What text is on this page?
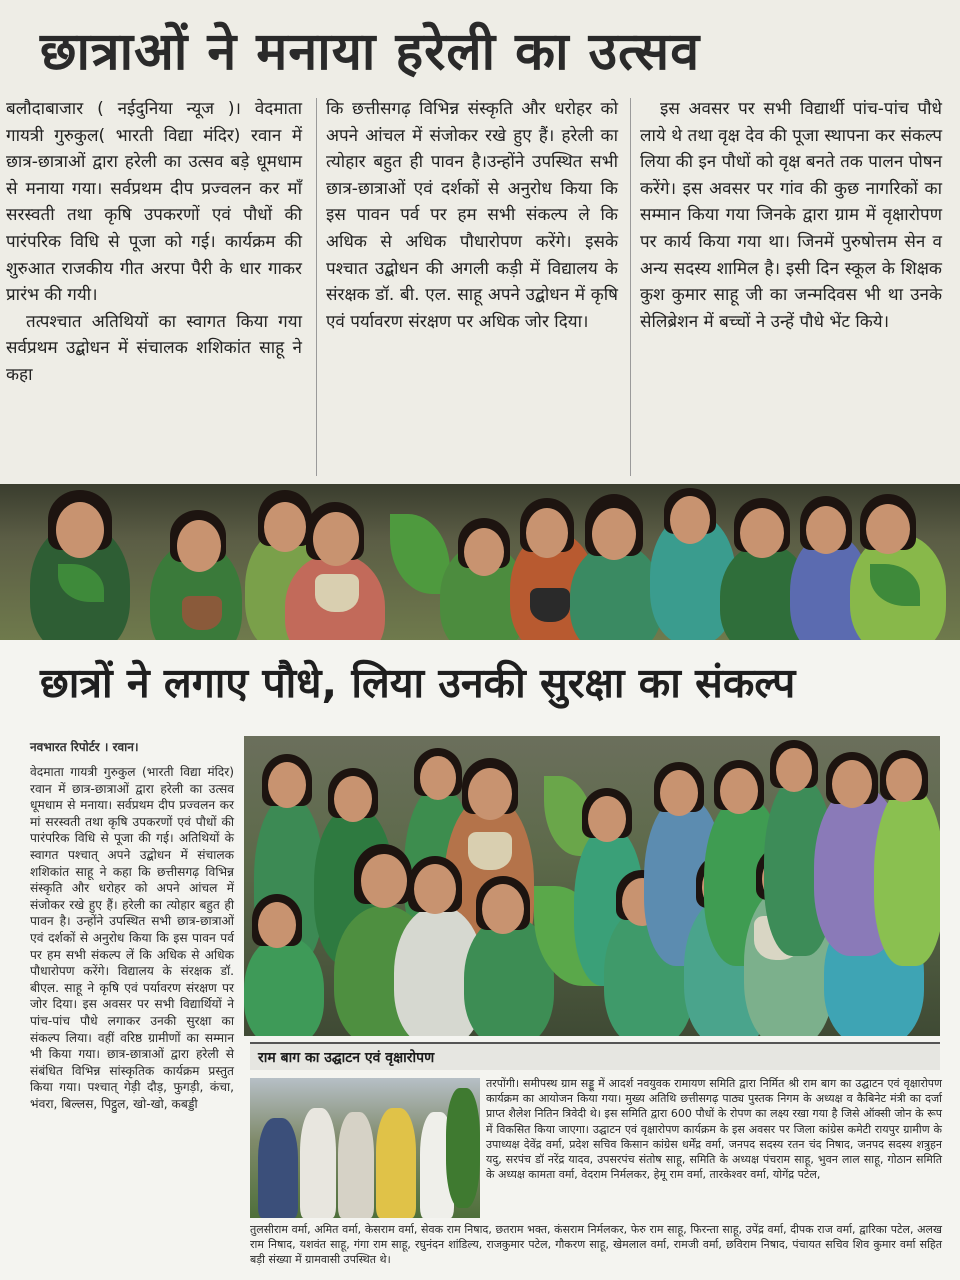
छात्राओं ने मनाया हरेली का उत्सव

बलौदाबाजार ( नईदुनिया न्यूज )। वेदमाता गायत्री गुरुकुल( भारती विद्या मंदिर) रवान में छात्र-छात्राओं द्वारा हरेली का उत्सव बड़े धूमधाम से मनाया गया। सर्वप्रथम दीप प्रज्वलन कर माँ सरस्वती तथा कृषि उपकरणों एवं पौधों की पारंपरिक विधि से पूजा को गई। कार्यक्रम की शुरुआत राजकीय गीत अरपा पैरी के धार गाकर प्रारंभ की गयी।

तत्पश्चात अतिथियों का स्वागत किया गया सर्वप्रथम उद्बोधन में संचालक शशिकांत साहू ने कहा

कि छत्तीसगढ़ विभिन्न संस्कृति और धरोहर को अपने आंचल में संजोकर रखे हुए हैं। हरेली का त्योहार बहुत ही पावन है।उन्होंने उपस्थित सभी छात्र-छात्राओं एवं दर्शकों से अनुरोध किया कि इस पावन पर्व पर हम सभी संकल्प ले कि अधिक से अधिक पौधारोपण करेंगे। इसके पश्चात उद्बोधन की अगली कड़ी में विद्यालय के संरक्षक डॉ. बी. एल. साहू अपने उद्बोधन में कृषि एवं पर्यावरण संरक्षण पर अधिक जोर दिया।

इस अवसर पर सभी विद्यार्थी पांच-पांच पौधे लाये थे तथा वृक्ष देव की पूजा स्थापना कर संकल्प लिया की इन पौधों को वृक्ष बनते तक पालन पोषन करेंगे। इस अवसर पर गांव की कुछ नागरिकों का सम्मान किया गया जिनके द्वारा ग्राम में वृक्षारोपण पर कार्य किया गया था। जिनमें पुरुषोत्तम सेन व अन्य सदस्य शामिल है। इसी दिन स्कूल के शिक्षक कुश कुमार साहू जी का जन्मदिवस भी था उनके सेलिब्रेशन में बच्चों ने उन्हें पौधे भेंट किये।

छात्रों ने लगाए पौधे, लिया उनकी सुरक्षा का संकल्प
नवभारत रिपोर्टर । रवान।

वेदमाता गायत्री गुरुकुल (भारती विद्या मंदिर) रवान में छात्र-छात्राओं द्वारा हरेली का उत्सव धूमधाम से मनाया। सर्वप्रथम दीप प्रज्वलन कर मां सरस्वती तथा कृषि उपकरणों एवं पौधों की पारंपरिक विधि से पूजा की गई। अतिथियों के स्वागत पश्चात् अपने उद्बोधन में संचालक शशिकांत साहू ने कहा कि छत्तीसगढ़ विभिन्न संस्कृति और धरोहर को अपने आंचल में संजोकर रखे हुए हैं। हरेली का त्योहार बहुत ही पावन है। उन्होंने उपस्थित सभी छात्र-छात्राओं एवं दर्शकों से अनुरोध किया कि इस पावन पर्व पर हम सभी संकल्प लें कि अधिक से अधिक पौधारोपण करेंगे। विद्यालय के संरक्षक डॉ. बीएल. साहू ने कृषि एवं पर्यावरण संरक्षण पर जोर दिया। इस अवसर पर सभी विद्यार्थियों ने पांच-पांच पौधे लगाकर उनकी सुरक्षा का संकल्प लिया। वहीं वरिष्ठ ग्रामीणों का सम्मान भी किया गया। छात्र-छात्राओं द्वारा हरेली से संबंधित विभिन्न सांस्कृतिक कार्यक्रम प्रस्तुत किया गया। पश्चात् गेड़ी दौड़, फुगड़ी, कंचा, भंवरा, बिल्लस, पिट्ठुल, खो-खो, कबड्डी

राम बाग का उद्घाटन एवं वृक्षारोपण

तरपोंगी। समीपस्थ ग्राम सड्डू में आदर्श नवयुवक रामायण समिति द्वारा निर्मित श्री राम बाग का उद्घाटन एवं वृक्षारोपण कार्यक्रम का आयोजन किया गया। मुख्य अतिथि छत्तीसगढ़ पाठ्य पुस्तक निगम के अध्यक्ष व कैबिनेट मंत्री का दर्जा प्राप्त शैलेश नितिन त्रिवेदी थे। इस समिति द्वारा 600 पौधों के रोपण का लक्ष्य रखा गया है जिसे ऑक्सी जोन के रूप में विकसित किया जाएगा। उद्घाटन एवं वृक्षारोपण कार्यक्रम के इस अवसर पर जिला कांग्रेस कमेटी रायपुर ग्रामीण के उपाध्यक्ष देवेंद्र वर्मा, प्रदेश सचिव किसान कांग्रेस धर्मेंद्र वर्मा, जनपद सदस्य रतन चंद निषाद, जनपद सदस्य शत्रुहन यदु, सरपंच डॉ नरेंद्र यादव, उपसरपंच संतोष साहू, समिति के अध्यक्ष पंचराम साहू, भुवन लाल साहू, गोठान समिति के अध्यक्ष कामता वर्मा, वेदराम निर्मलकर, हेमू राम वर्मा, तारकेश्वर वर्मा, योगेंद्र पटेल,

तुलसीराम वर्मा, अमित वर्मा, केसराम वर्मा, सेवक राम निषाद, छतराम भक्त, कंसराम निर्मलकर, फेरु राम साहू, फिरन्ता साहू, उपेंद्र वर्मा, दीपक राज वर्मा, द्वारिका पटेल, अलख राम निषाद, यशवंत साहू, गंगा राम साहू, रघुनंदन शांडिल्य, राजकुमार पटेल, गौकरण साहू, खेमलाल वर्मा, रामजी वर्मा, छविराम निषाद, पंचायत सचिव शिव कुमार वर्मा सहित बड़ी संख्या में ग्रामवासी उपस्थित थे।
